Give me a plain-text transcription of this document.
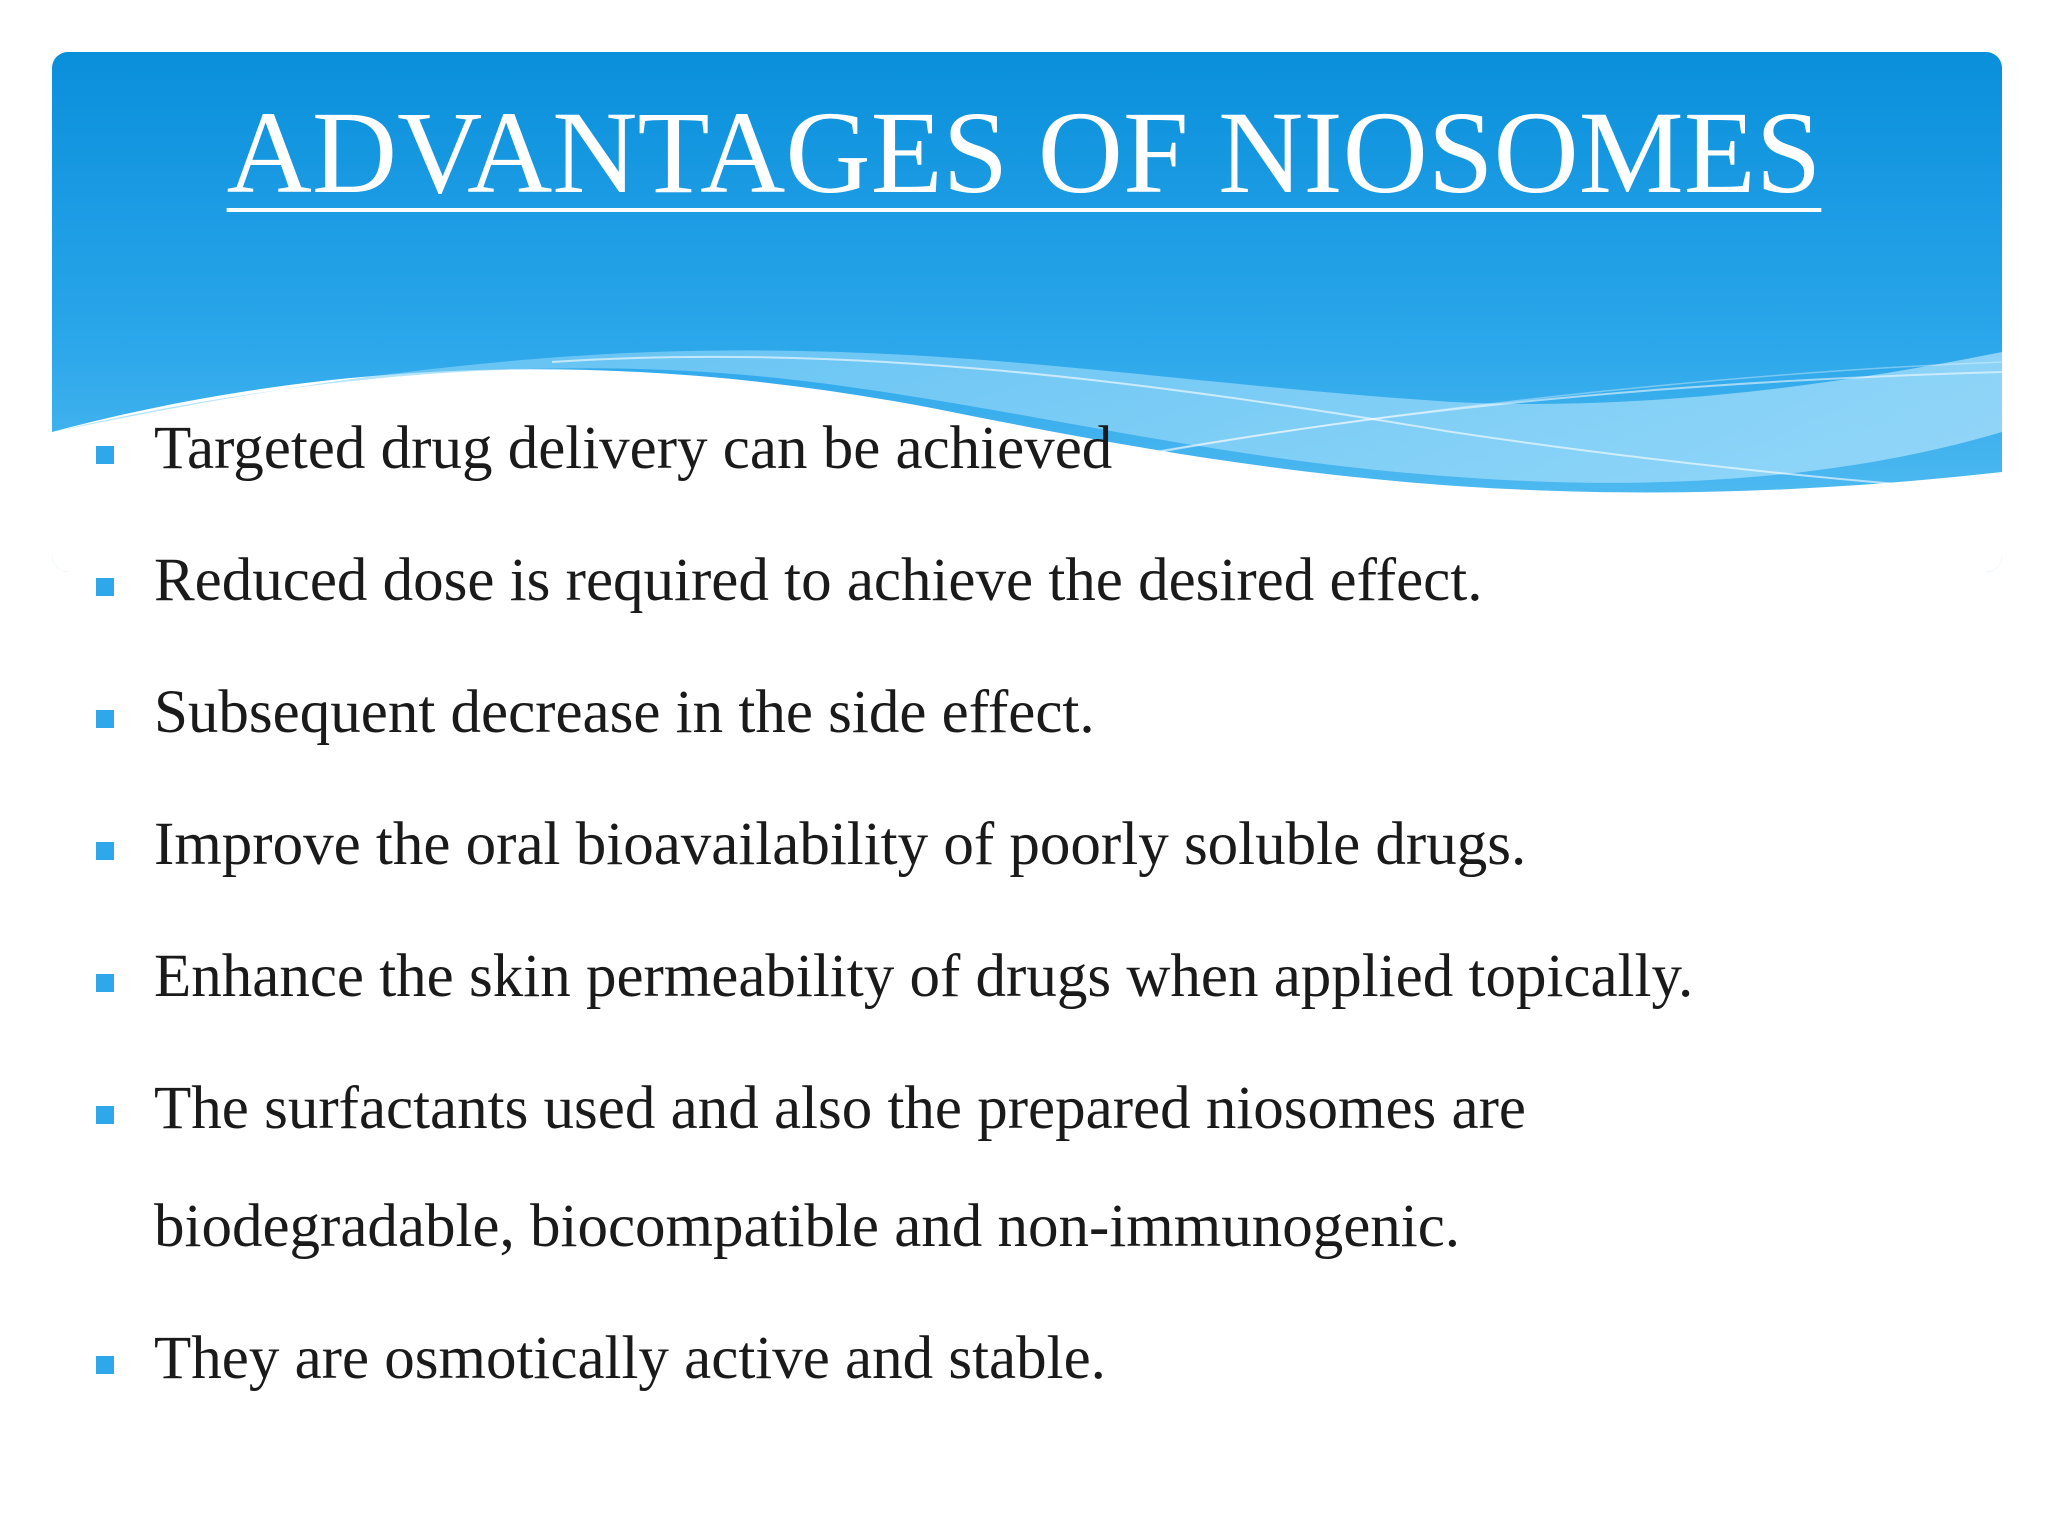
ADVANTAGES OF NIOSOMES
Targeted drug delivery can be achieved
Reduced dose is required to achieve the desired effect.
Subsequent decrease in the side effect.
Improve the oral bioavailability of poorly soluble drugs.
Enhance the skin permeability of drugs when applied topically.
The surfactants used and also the prepared niosomes are biodegradable, biocompatible and non-immunogenic.
They are osmotically active and stable.
